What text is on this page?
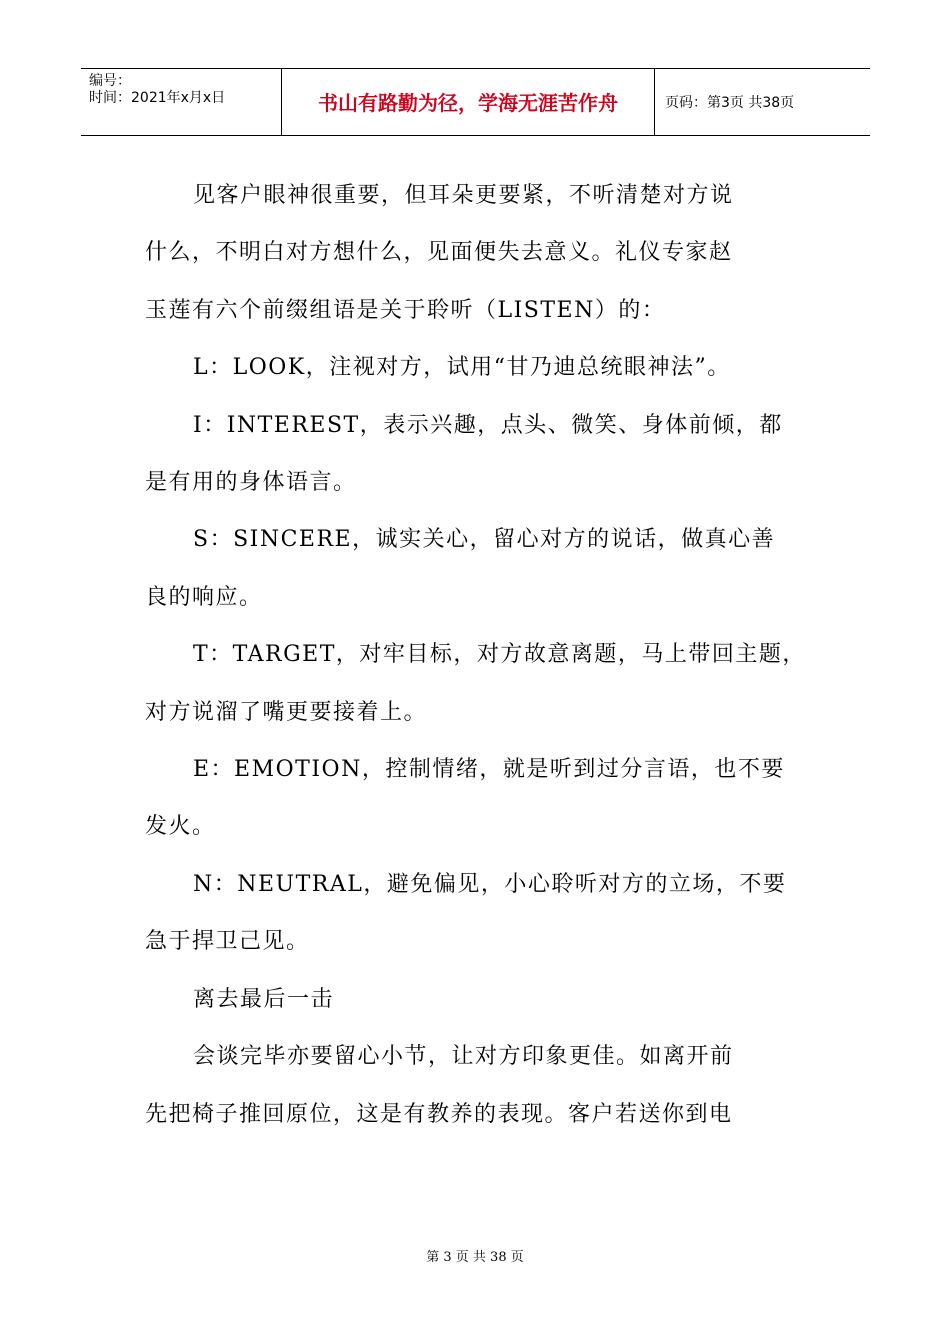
编号：
时间：2021年x月x日	书山有路勤为径，学海无涯苦作舟	页码：第3页 共38页

见客户眼神很重要，但耳朵更要紧，不听清楚对方说
什么，不明白对方想什么，见面便失去意义。礼仪专家赵
玉莲有六个前缀组语是关于聆听（LISTEN）的：

L：LOOK，注视对方，试用“甘乃迪总统眼神法”。

I：INTEREST，表示兴趣，点头、微笑、身体前倾，都
是有用的身体语言。

S：SINCERE，诚实关心，留心对方的说话，做真心善
良的响应。

T：TARGET，对牢目标，对方故意离题，马上带回主题，
对方说溜了嘴更要接着上。

E：EMOTION，控制情绪，就是听到过分言语，也不要
发火。

N：NEUTRAL，避免偏见，小心聆听对方的立场，不要
急于捍卫己见。

离去最后一击

会谈完毕亦要留心小节，让对方印象更佳。如离开前
先把椅子推回原位，这是有教养的表现。客户若送你到电

第 3 页 共 38 页
